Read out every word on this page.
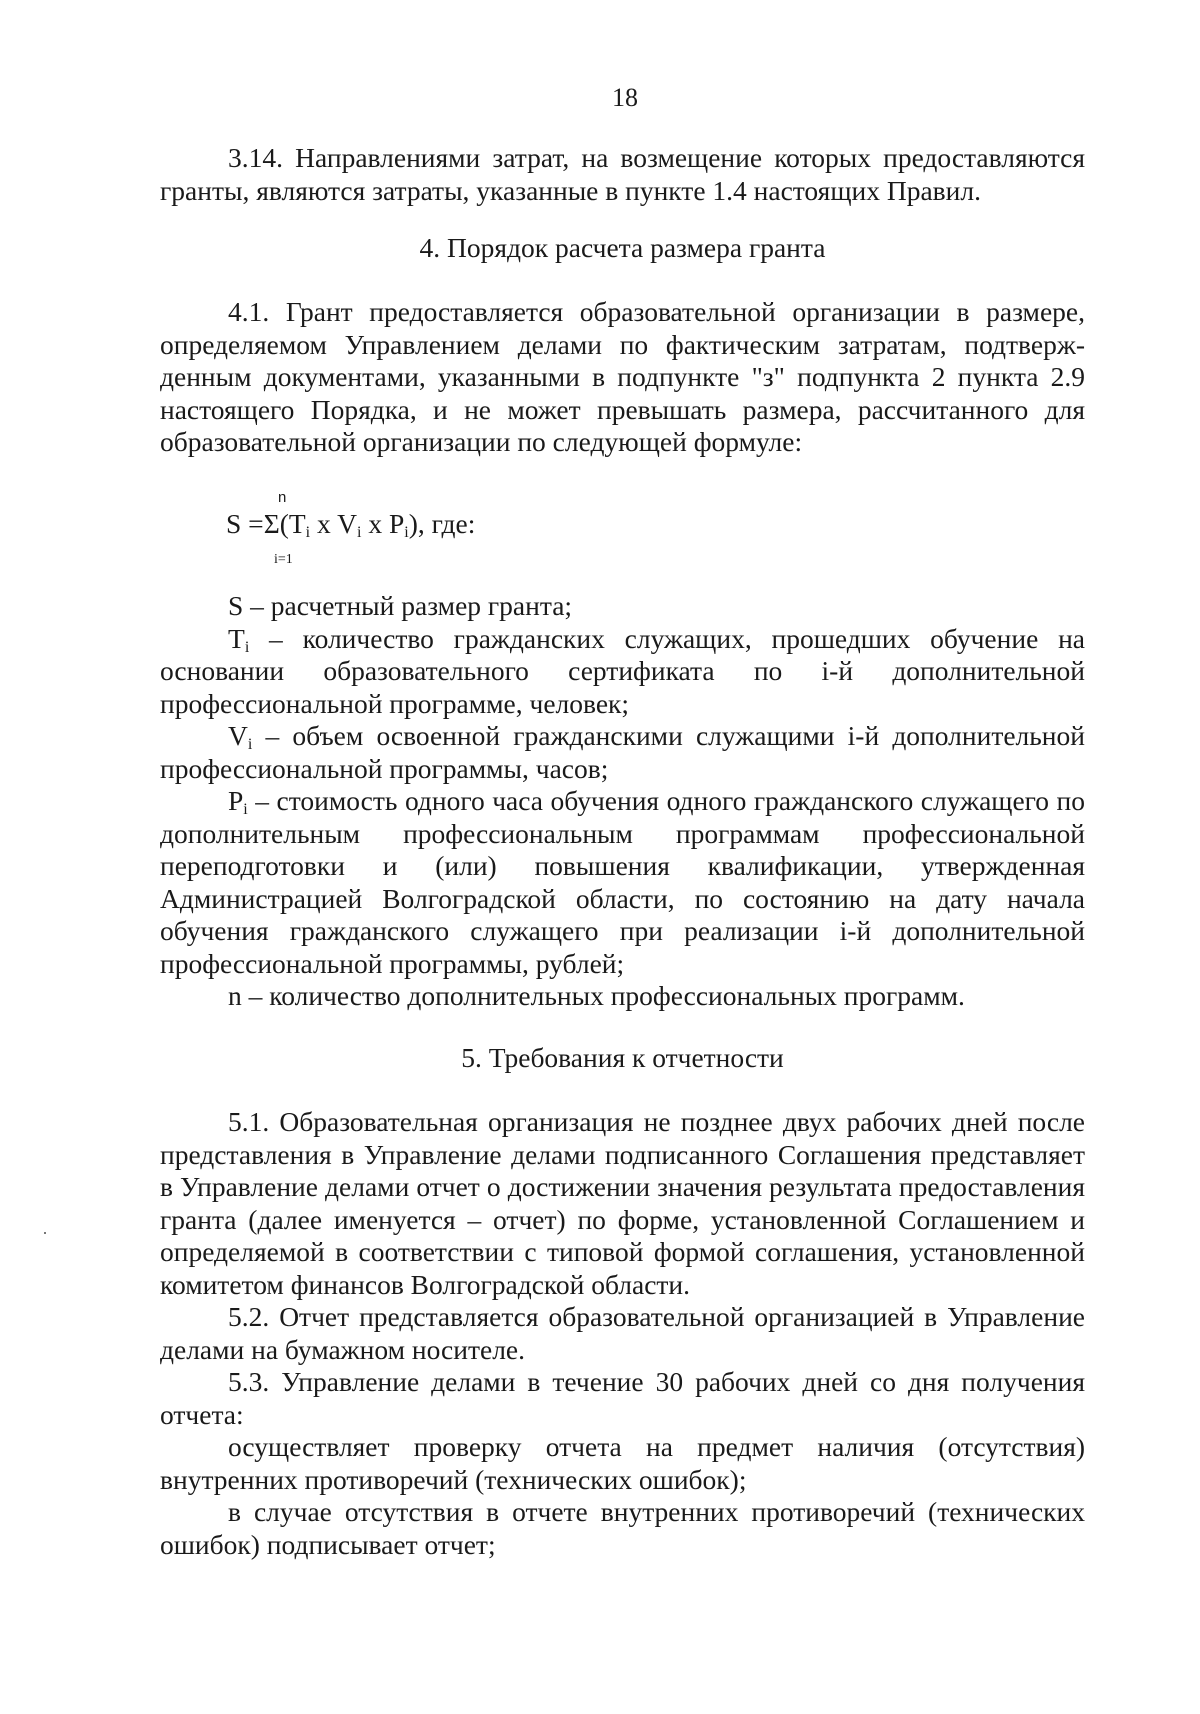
18

3.14. Направлениями затрат, на возмещение которых предоставляются гранты, являются затраты, указанные в пункте 1.4 настоящих Правил.

4. Порядок расчета размера гранта

4.1. Грант предоставляется образовательной организации в размере, определяемом Управлением делами по фактическим затратам, подтверж-денным документами, указанными в подпункте "з" подпункта 2 пункта 2.9 настоящего Порядка, и не может превышать размера, рассчитанного для образовательной организации по следующей формуле:

n
$S =\Sigma(T_i$ x $V_i$ x $P_i$), где:
i=1

S – расчетный размер гранта;

$T_i$ – количество гражданских служащих, прошедших обучение на основании образовательного сертификата по i-й дополнительной профессиональной программе, человек;

$V_i$ – объем освоенной гражданскими служащими i-й дополнительной профессиональной программы, часов;

$P_i$ – стоимость одного часа обучения одного гражданского служащего по дополнительным профессиональным программам профессиональной переподготовки и (или) повышения квалификации, утвержденная Администрацией Волгоградской области, по состоянию на дату начала обучения гражданского служащего при реализации i-й дополнительной профессиональной программы, рублей;

n – количество дополнительных профессиональных программ.

5. Требования к отчетности

5.1. Образовательная организация не позднее двух рабочих дней после представления в Управление делами подписанного Соглашения представляет в Управление делами отчет о достижении значения результата предоставления гранта (далее именуется – отчет) по форме, установленной Соглашением и определяемой в соответствии с типовой формой соглашения, установленной комитетом финансов Волгоградской области.

5.2. Отчет представляется образовательной организацией в Управление делами на бумажном носителе.

5.3. Управление делами в течение 30 рабочих дней со дня получения отчета:

осуществляет проверку отчета на предмет наличия (отсутствия) внутренних противоречий (технических ошибок);

в случае отсутствия в отчете внутренних противоречий (технических ошибок) подписывает отчет;
